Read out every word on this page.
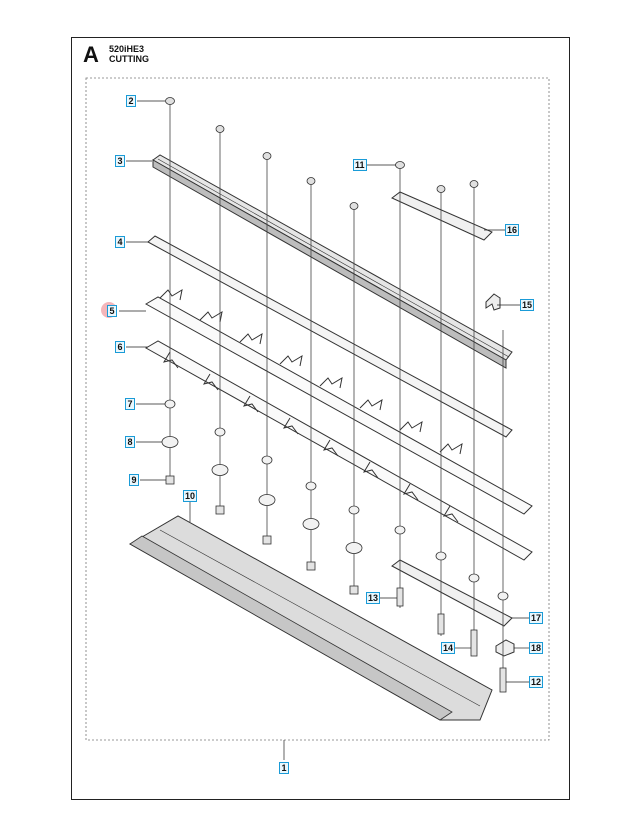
A 520iHE3
CUTTING
2
3
4
5
6
7
8
9
10
11
12
13
14
15
16
17
18
1
